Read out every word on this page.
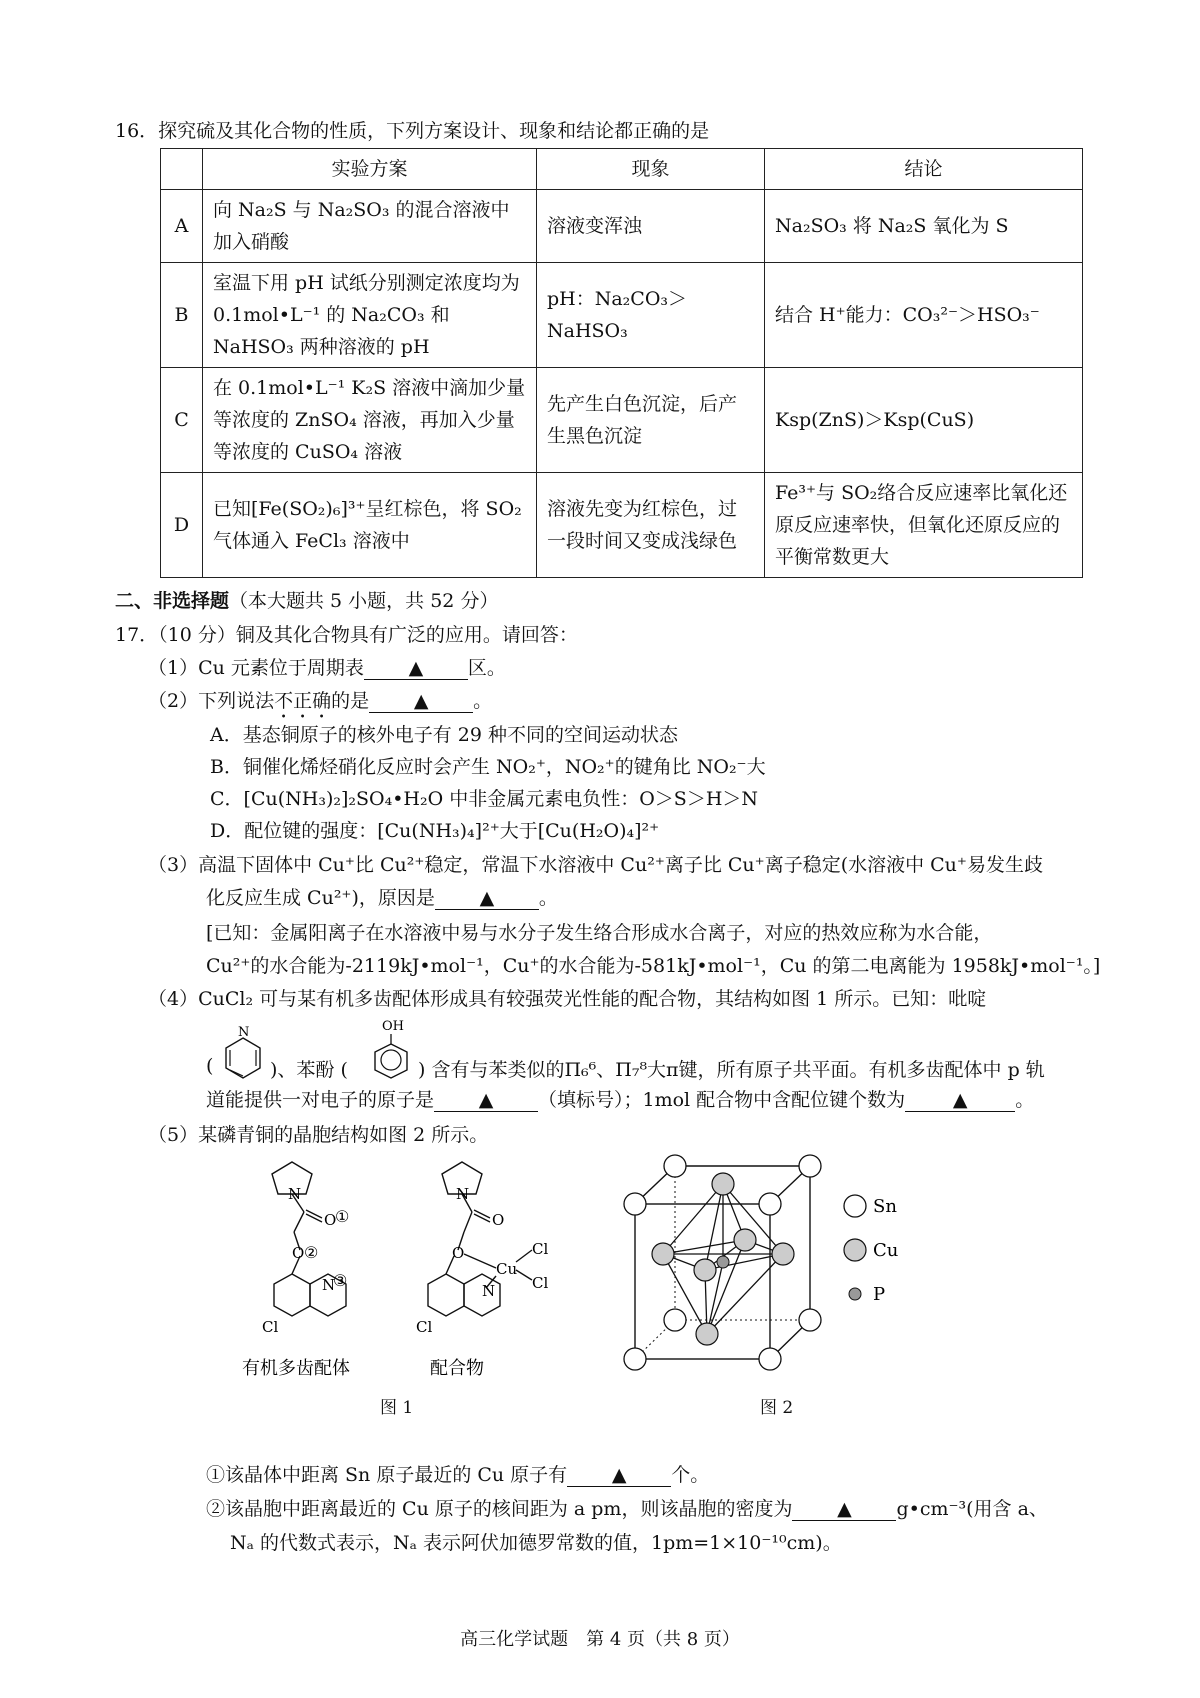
16．探究硫及其化合物的性质，下列方案设计、现象和结论都正确的是
	实验方案	现象	结论
A	向 Na₂S 与 Na₂SO₃ 的混合溶液中加入硝酸	溶液变浑浊	Na₂SO₃ 将 Na₂S 氧化为 S
B	室温下用 pH 试纸分别测定浓度均为 0.1mol•L⁻¹ 的 Na₂CO₃ 和 NaHSO₃ 两种溶液的 pH	pH：Na₂CO₃＞NaHSO₃	结合 H⁺能力：CO₃²⁻＞HSO₃⁻
C	在 0.1mol•L⁻¹ K₂S 溶液中滴加少量等浓度的 ZnSO₄ 溶液，再加入少量等浓度的 CuSO₄ 溶液	先产生白色沉淀，后产生黑色沉淀	Ksp(ZnS)＞Ksp(CuS)
D	已知[Fe(SO₂)₆]³⁺呈红棕色，将 SO₂ 气体通入 FeCl₃ 溶液中	溶液先变为红棕色，过一段时间又变成浅绿色	Fe³⁺与 SO₂络合反应速率比氧化还原反应速率快，但氧化还原反应的平衡常数更大
二、非选择题（本大题共 5 小题，共 52 分）
17．（10 分）铜及其化合物具有广泛的应用。请回答：
（1）Cu 元素位于周期表 ▲ 区。
（2）下列说法不正确的是 ▲ 。
A．基态铜原子的核外电子有 29 种不同的空间运动状态
B．铜催化烯烃硝化反应时会产生 NO₂⁺，NO₂⁺的键角比 NO₂⁻大
C．[Cu(NH₃)₂]₂SO₄•H₂O 中非金属元素电负性：O＞S＞H＞N
D．配位键的强度：[Cu(NH₃)₄]²⁺大于[Cu(H₂O)₄]²⁺
（3）高温下固体中 Cu⁺比 Cu²⁺稳定，常温下水溶液中 Cu²⁺离子比 Cu⁺离子稳定(水溶液中 Cu⁺易发生歧
化反应生成 Cu²⁺)，原因是 ▲ 。
[已知：金属阳离子在水溶液中易与水分子发生络合形成水合离子，对应的热效应称为水合能，
Cu²⁺的水合能为-2119kJ•mol⁻¹，Cu⁺的水合能为-581kJ•mol⁻¹，Cu 的第二电离能为 1958kJ•mol⁻¹。]
（4）CuCl₂ 可与某有机多齿配体形成具有较强荧光性能的配合物，其结构如图 1 所示。已知：吡啶
(
N
)、苯酚 (
OH
) 含有与苯类似的Π₆⁶、Π₇⁸大π键，所有原子共平面。有机多齿配体中 p 轨
道能提供一对电子的原子是 ▲ （填标号）；1mol 配合物中含配位键个数为	▲	。
（5）某磷青铜的晶胞结构如图 2 所示。
N
O
①
O ②
N
③
Cl
有机多齿配体
N
O
O
Cu
Cl
Cl
N
Cl
配合物
图 1
Sn
Cu
P
图 2
①该晶体中距离 Sn 原子最近的 Cu 原子有 ▲ 个。
②该晶胞中距离最近的 Cu 原子的核间距为 a pm，则该晶胞的密度为 ▲ g•cm⁻³(用含 a、
Nₐ 的代数式表示，Nₐ 表示阿伏加德罗常数的值，1pm=1×10⁻¹⁰cm)。
高三化学试题　第 4 页（共 8 页）
